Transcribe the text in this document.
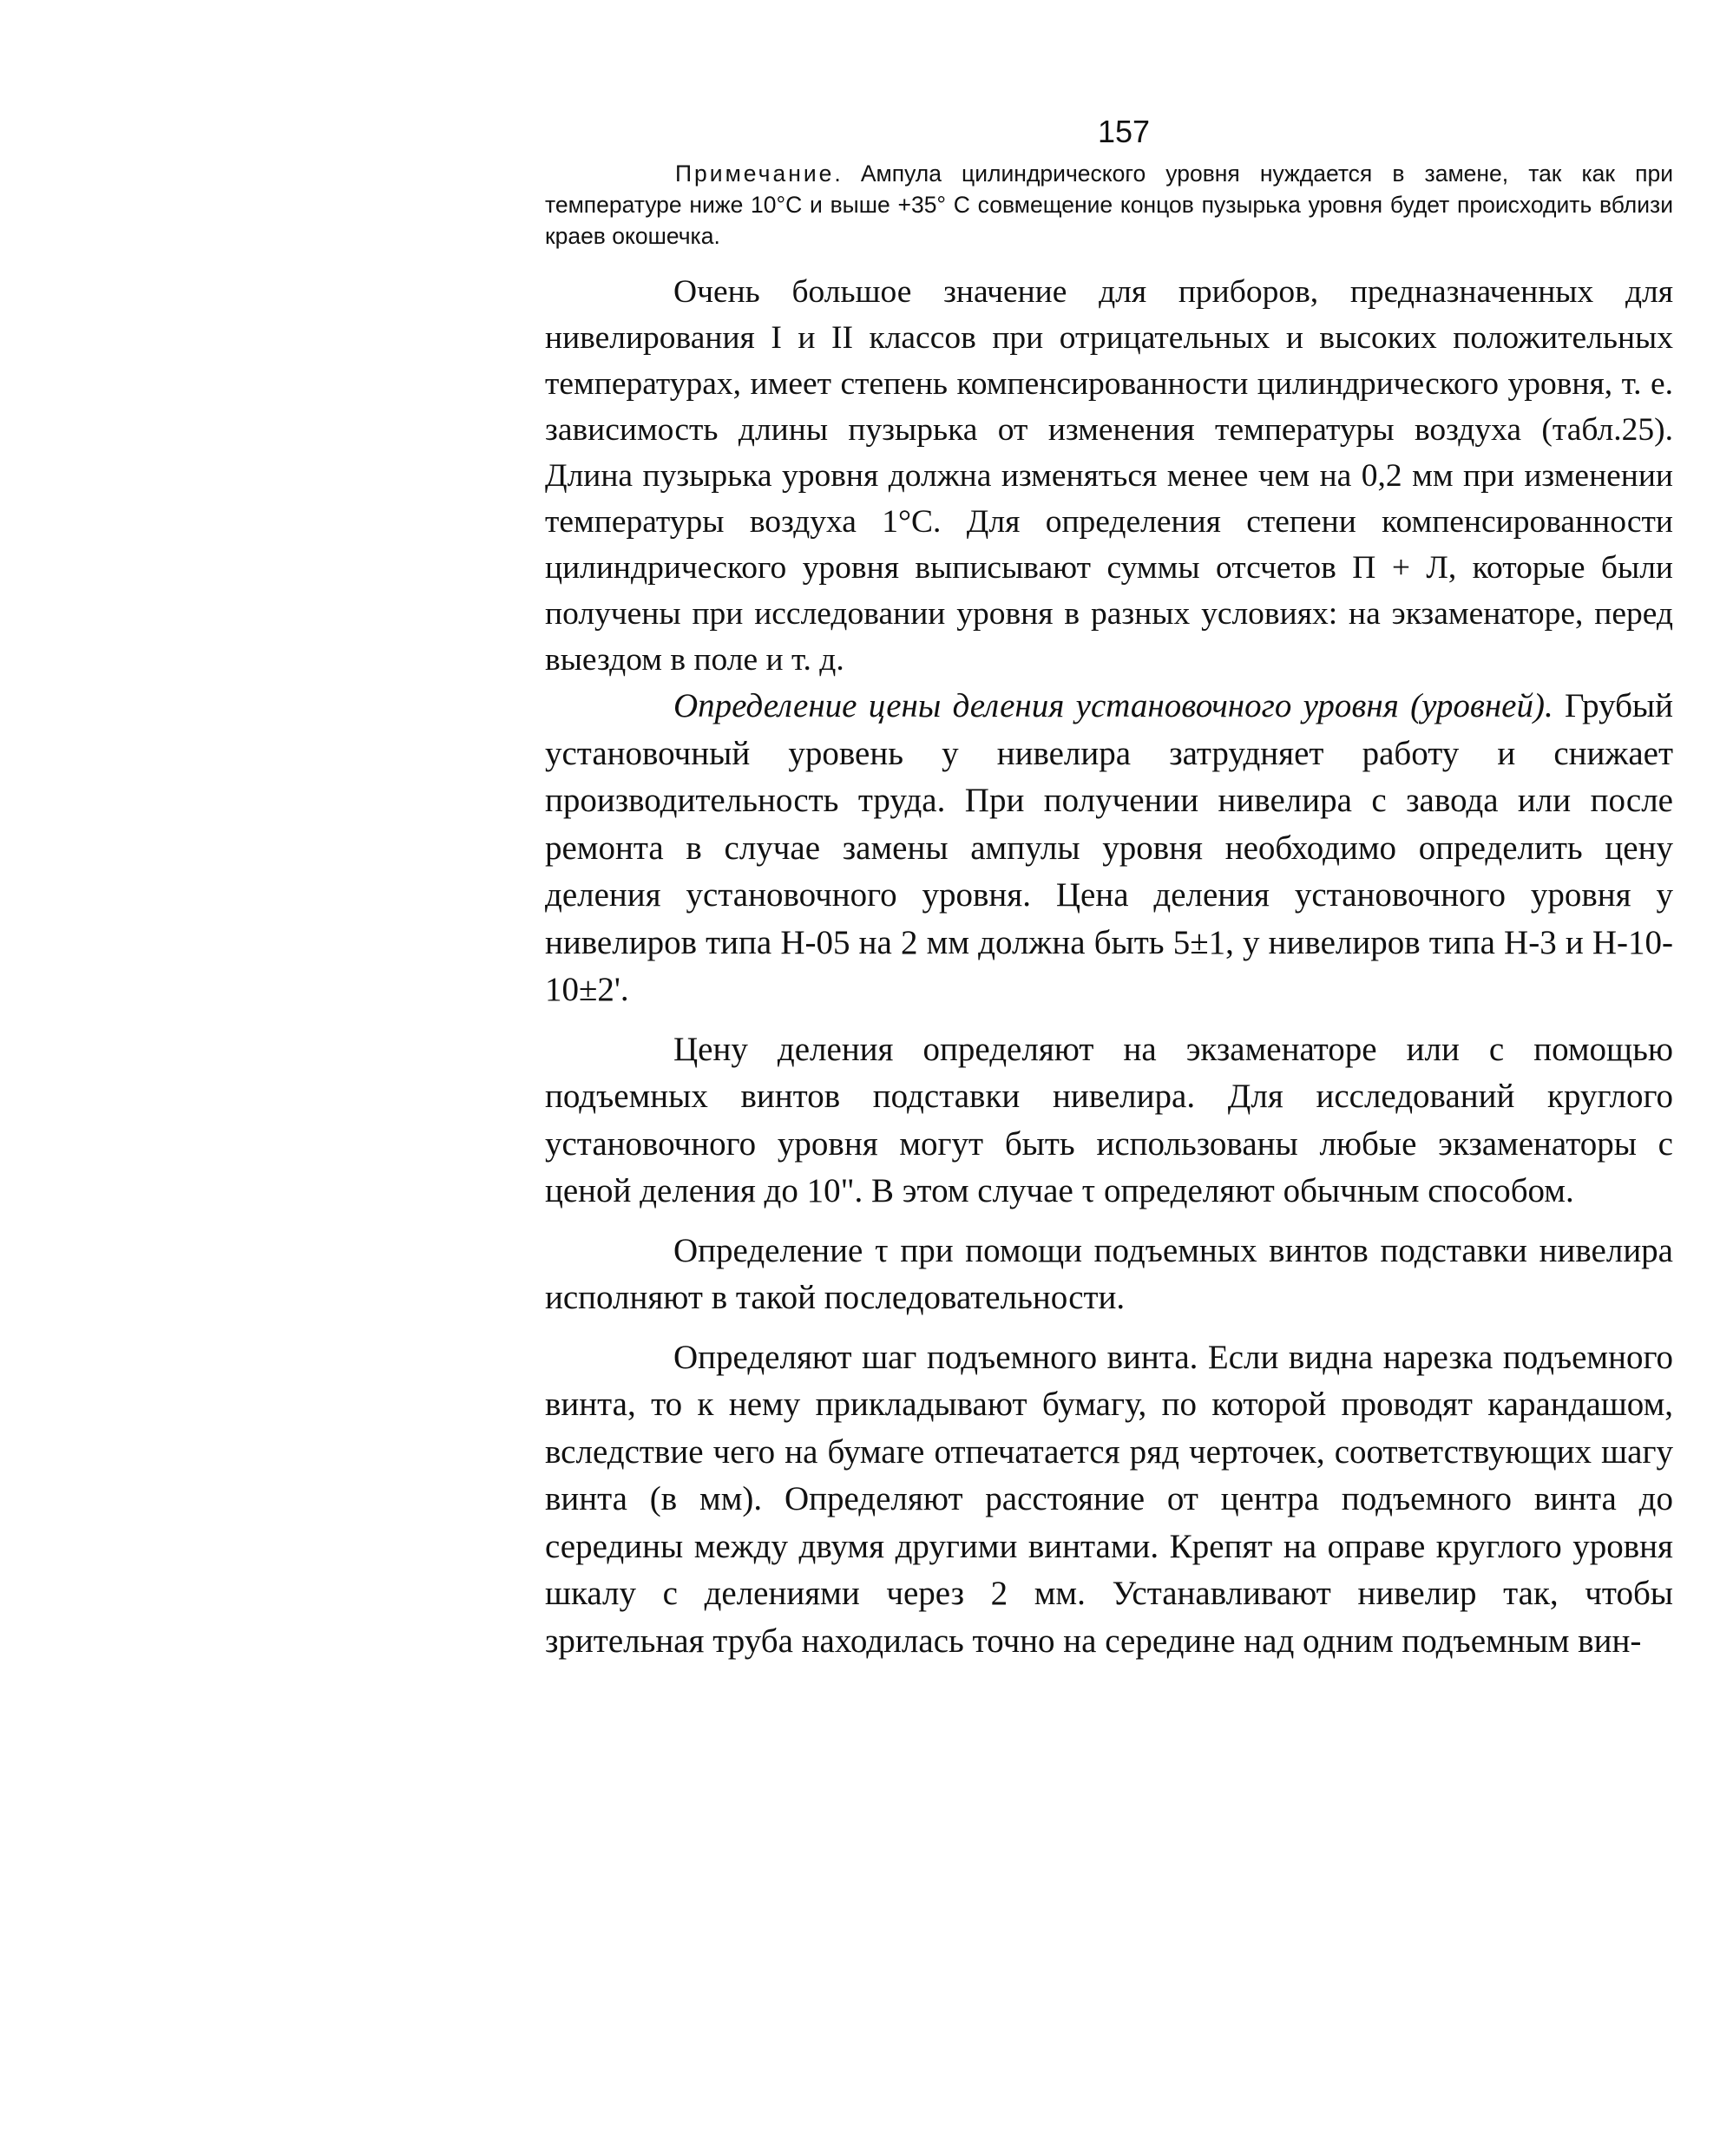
157

Примечание. Ампула цилиндрического уровня нуждается в замене, так как при температуре ниже 10°С и выше +35° С совмещение концов пузырька уровня будет происходить вблизи краев окошечка.

Очень большое значение для приборов, предназначенных для нивелирования I и II классов при отрицательных и высоких положительных температурах, имеет степень компенсированности цилиндрического уровня, т. е. зависимость длины пузырька от изменения температуры воздуха (табл.25). Длина пузырька уровня должна изменяться менее чем на 0,2 мм при изменении температуры воздуха 1°С. Для определения степени компенсированности цилиндрического уровня выписывают суммы отсчетов П + Л, которые были получены при исследовании уровня в разных условиях: на экзаменаторе, перед выездом в поле и т. д.

Определение цены деления установочного уровня (уровней). Грубый установочный уровень у нивелира затрудняет работу и снижает производительность труда. При получении нивелира с завода или после ремонта в случае замены ампулы уровня необходимо определить цену деления установочного уровня. Цена деления установочного уровня у нивелиров типа Н-05 на 2 мм должна быть 5±1, у нивелиров типа Н-3 и Н-10-10±2'.

Цену деления определяют на экзаменаторе или с помощью подъемных винтов подставки нивелира. Для исследований круглого установочного уровня могут быть использованы любые экзаменаторы с ценой деления до 10". В этом случае τ определяют обычным способом.

Определение τ при помощи подъемных винтов подставки нивелира исполняют в такой последовательности.

Определяют шаг подъемного винта. Если видна нарезка подъемного винта, то к нему прикладывают бумагу, по которой проводят карандашом, вследствие чего на бумаге отпечатается ряд черточек, соответствующих шагу винта (в мм). Определяют расстояние от центра подъемного винта до середины между двумя другими винтами. Крепят на оправе круглого уровня шкалу с делениями через 2 мм. Устанавливают нивелир так, чтобы зрительная труба находилась точно на середине над одним подъемным вин-
